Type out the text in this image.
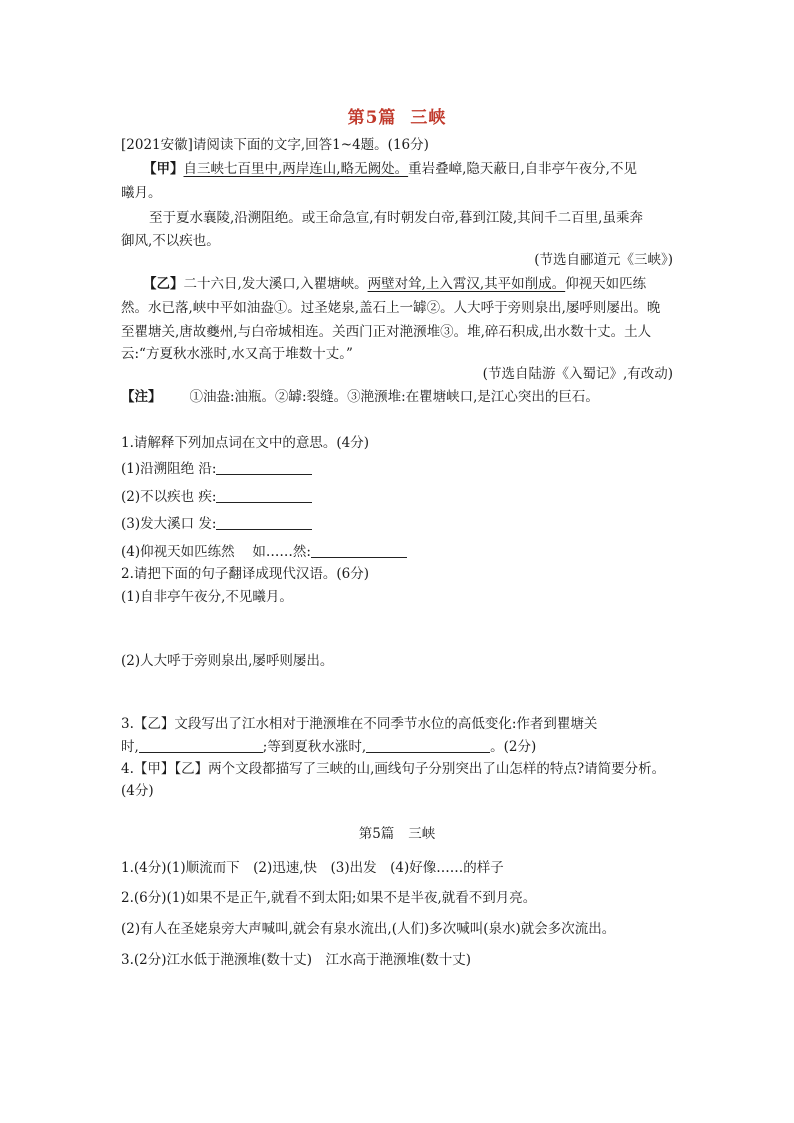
第5篇 三峡
[2021安徽]请阅读下面的文字,回答1~4题。(16分)
【甲】自三峡七百里中,两岸连山,略无阙处。重岩叠嶂,隐天蔽日,自非亭午夜分,不见
曦月。
至于夏水襄陵,沿溯阻绝。或王命急宣,有时朝发白帝,暮到江陵,其间千二百里,虽乘奔
御风,不以疾也。
(节选自郦道元《三峡》)
【乙】二十六日,发大溪口,入瞿塘峡。两壁对耸,上入霄汉,其平如削成。仰视天如匹练
然。水已落,峡中平如油盎①。过圣姥泉,盖石上一罅②。人大呼于旁则泉出,屡呼则屡出。晚
至瞿塘关,唐故夔州,与白帝城相连。关西门正对滟滪堆③。堆,碎石积成,出水数十丈。土人
云:“方夏秋水涨时,水又高于堆数十丈。”
(节选自陆游《入蜀记》,有改动)
【注】 ①油盎:油瓶。②罅:裂缝。③滟滪堆:在瞿塘峡口,是江心突出的巨石。
1.请解释下列加点词在文中的意思。(4分)
(1)沿溯阻绝 沿:
(2)不以疾也 疾:
(3)发大溪口 发:
(4)仰视天如匹练然　 如……然:
2.请把下面的句子翻译成现代汉语。(6分)
(1)自非亭午夜分,不见曦月。
(2)人大呼于旁则泉出,屡呼则屡出。
3.【乙】文段写出了江水相对于滟滪堆在不同季节水位的高低变化:作者到瞿塘关
时,	;等到夏秋水涨时,	。(2分)
4.【甲】【乙】两个文段都描写了三峡的山,画线句子分别突出了山怎样的特点?请简要分析。
(4分)
第5篇 三峡
1.(4分)(1)顺流而下　(2)迅速,快　(3)出发　(4)好像……的样子
2.(6分)(1)如果不是正午,就看不到太阳;如果不是半夜,就看不到月亮。
(2)有人在圣姥泉旁大声喊叫,就会有泉水流出,(人们)多次喊叫(泉水)就会多次流出。
3.(2分)江水低于滟滪堆(数十丈)　江水高于滟滪堆(数十丈)
